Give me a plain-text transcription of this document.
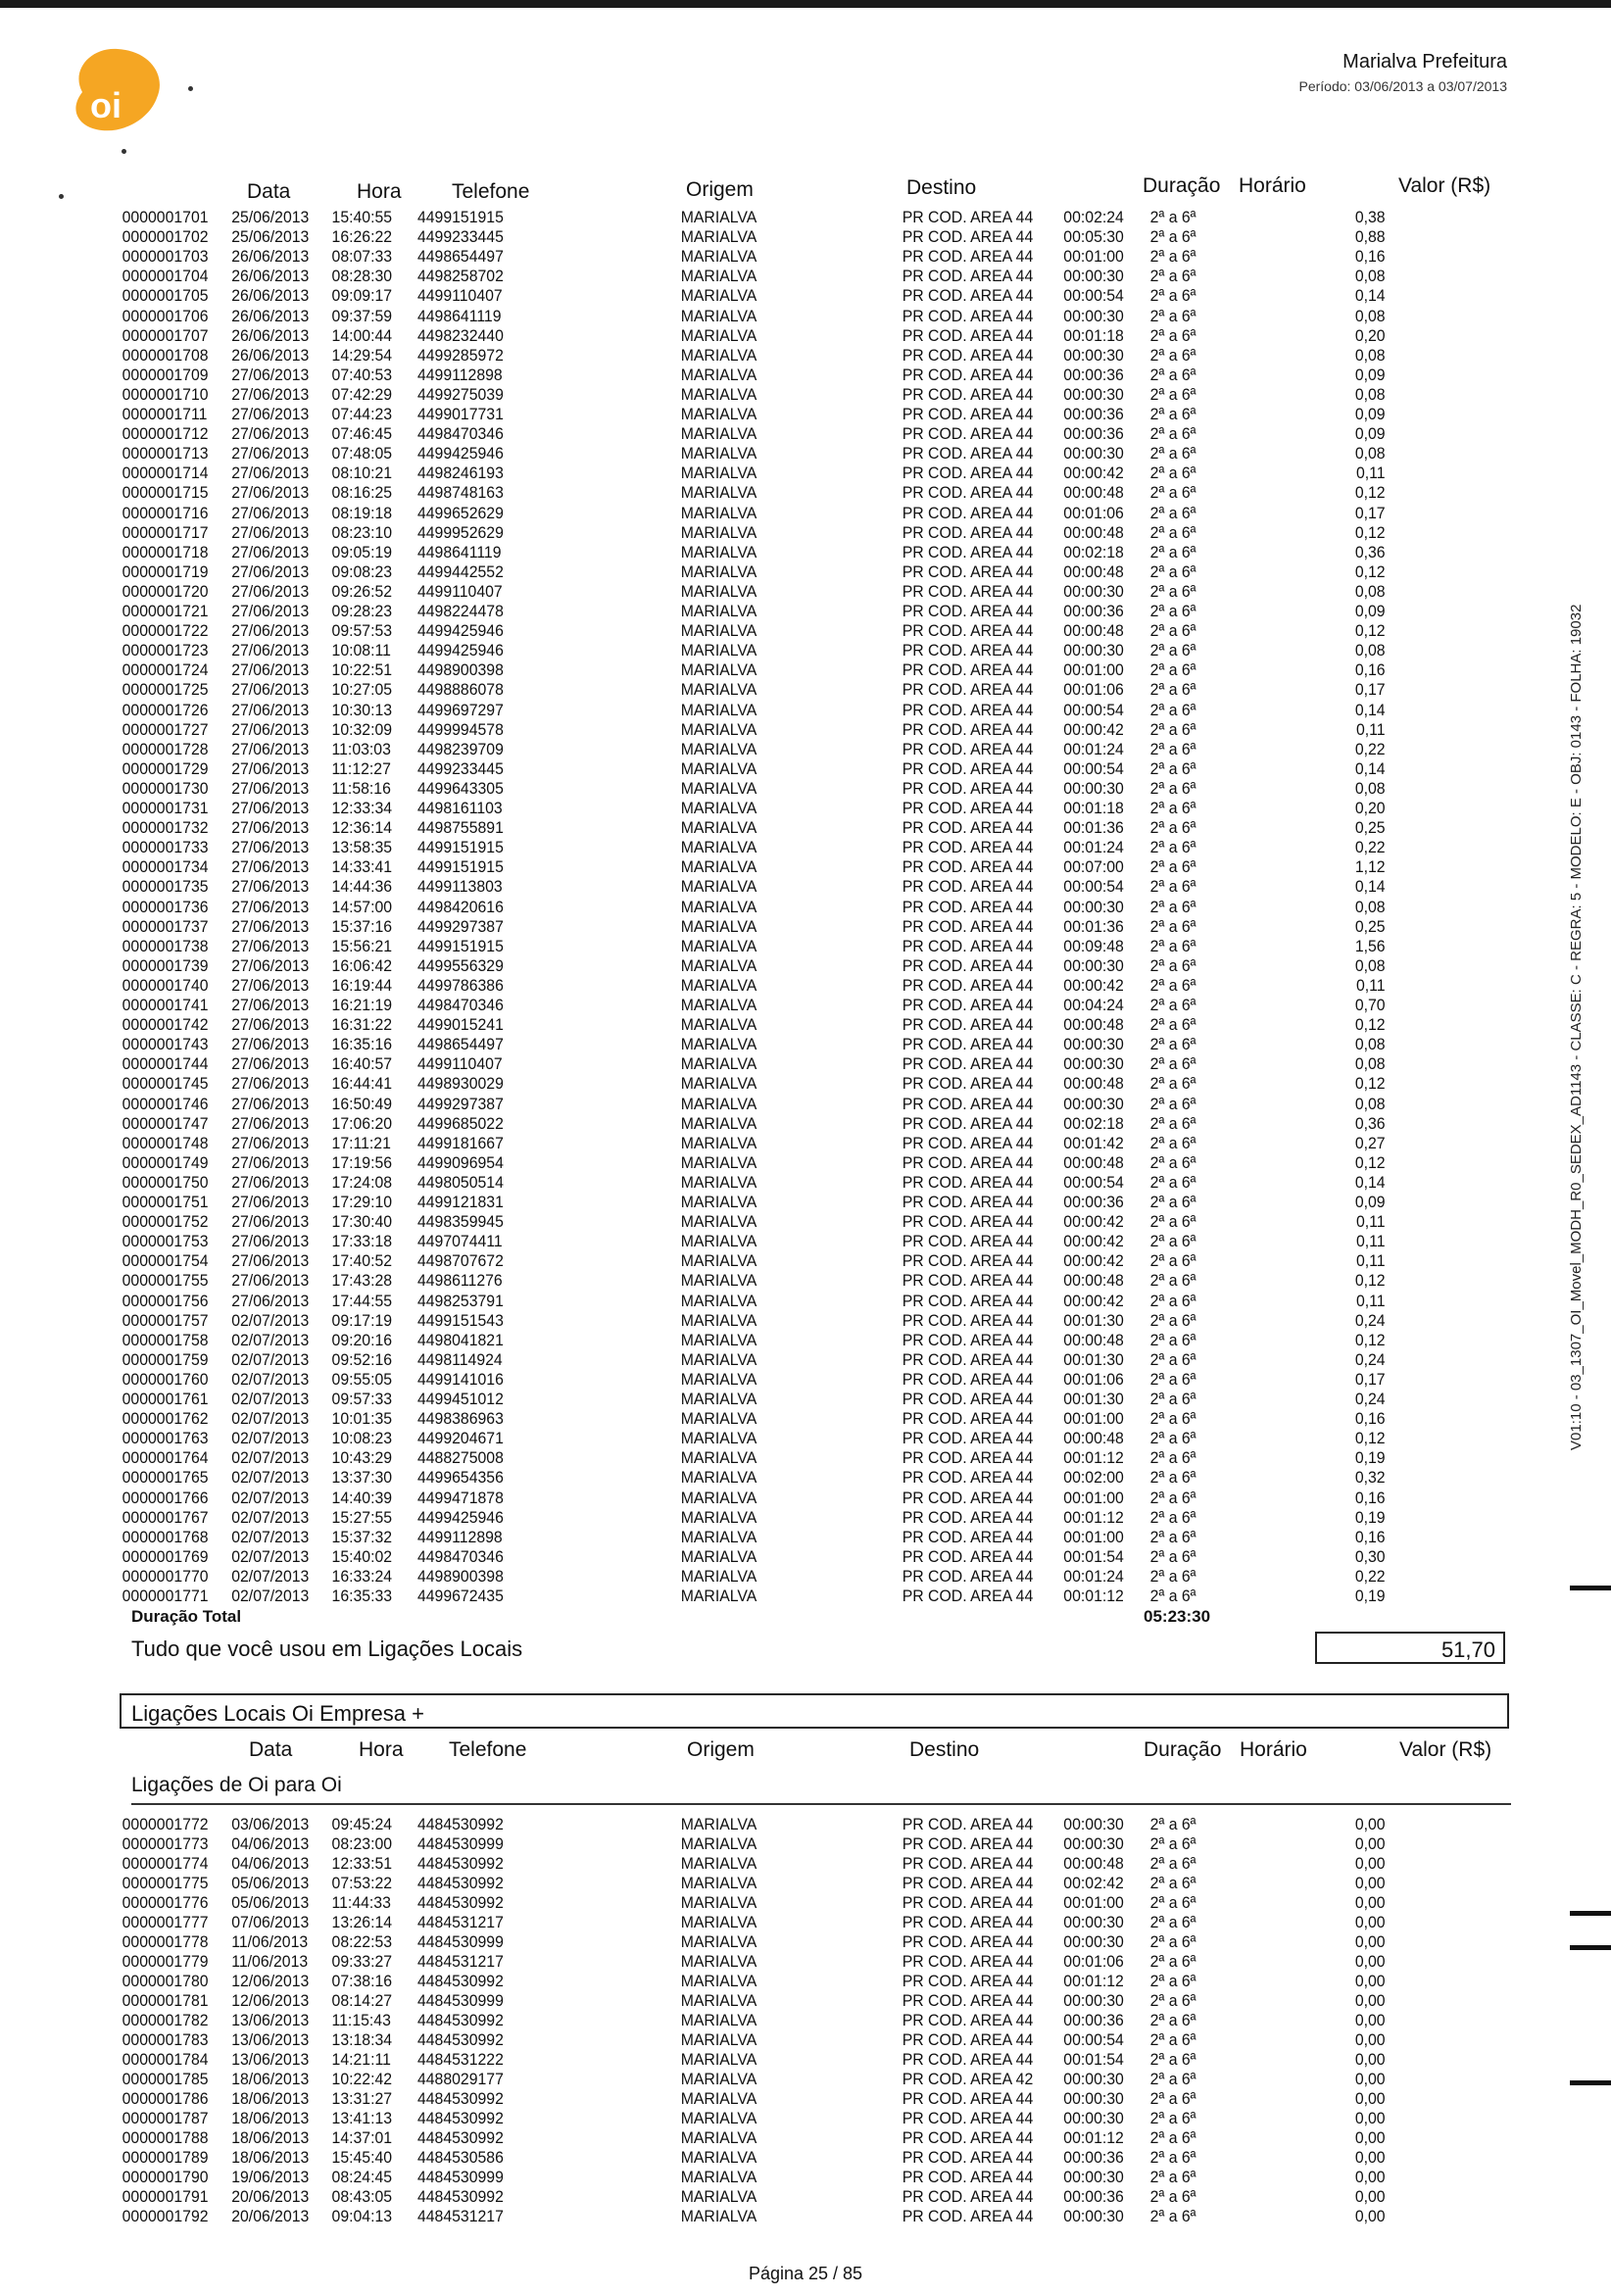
oi
Marialva Prefeitura
Período: 03/06/2013 a 03/07/2013
V01:10 - 03_1307_OI_Movel_MODH_R0_SEDEX_AD1143 - CLASSE: C - REGRA: 5 - MODELO: E - OBJ: 0143 - FOLHA: 19032
Data	Hora Telefone	Origem	Destino	Duração Horário	Valor (R$)
0000001701 25/06/2013 15:40:55 4499151915	MARIALVA	PR COD. AREA 44 00:02:24 2ª a 6ª	0,38
0000001702 25/06/2013 16:26:22 4499233445	MARIALVA	PR COD. AREA 44 00:05:30 2ª a 6ª	0,88
0000001703 26/06/2013 08:07:33 4498654497	MARIALVA	PR COD. AREA 44 00:01:00 2ª a 6ª	0,16
0000001704 26/06/2013 08:28:30 4498258702	MARIALVA	PR COD. AREA 44 00:00:30 2ª a 6ª	0,08
0000001705 26/06/2013 09:09:17 4499110407	MARIALVA	PR COD. AREA 44 00:00:54 2ª a 6ª	0,14
0000001706 26/06/2013 09:37:59 4498641119	MARIALVA	PR COD. AREA 44 00:00:30 2ª a 6ª	0,08
0000001707 26/06/2013 14:00:44 4498232440	MARIALVA	PR COD. AREA 44 00:01:18 2ª a 6ª	0,20
0000001708 26/06/2013 14:29:54 4499285972	MARIALVA	PR COD. AREA 44 00:00:30 2ª a 6ª	0,08
0000001709 27/06/2013 07:40:53 4499112898	MARIALVA	PR COD. AREA 44 00:00:36 2ª a 6ª	0,09
0000001710 27/06/2013 07:42:29 4499275039	MARIALVA	PR COD. AREA 44 00:00:30 2ª a 6ª	0,08
0000001711 27/06/2013 07:44:23 4499017731	MARIALVA	PR COD. AREA 44 00:00:36 2ª a 6ª	0,09
0000001712 27/06/2013 07:46:45 4498470346	MARIALVA	PR COD. AREA 44 00:00:36 2ª a 6ª	0,09
0000001713 27/06/2013 07:48:05 4499425946	MARIALVA	PR COD. AREA 44 00:00:30 2ª a 6ª	0,08
0000001714 27/06/2013 08:10:21 4498246193	MARIALVA	PR COD. AREA 44 00:00:42 2ª a 6ª	0,11
0000001715 27/06/2013 08:16:25 4498748163	MARIALVA	PR COD. AREA 44 00:00:48 2ª a 6ª	0,12
0000001716 27/06/2013 08:19:18 4499652629	MARIALVA	PR COD. AREA 44 00:01:06 2ª a 6ª	0,17
0000001717 27/06/2013 08:23:10 4499952629	MARIALVA	PR COD. AREA 44 00:00:48 2ª a 6ª	0,12
0000001718 27/06/2013 09:05:19 4498641119	MARIALVA	PR COD. AREA 44 00:02:18 2ª a 6ª	0,36
0000001719 27/06/2013 09:08:23 4499442552	MARIALVA	PR COD. AREA 44 00:00:48 2ª a 6ª	0,12
0000001720 27/06/2013 09:26:52 4499110407	MARIALVA	PR COD. AREA 44 00:00:30 2ª a 6ª	0,08
0000001721 27/06/2013 09:28:23 4498224478	MARIALVA	PR COD. AREA 44 00:00:36 2ª a 6ª	0,09
0000001722 27/06/2013 09:57:53 4499425946	MARIALVA	PR COD. AREA 44 00:00:48 2ª a 6ª	0,12
0000001723 27/06/2013 10:08:11 4499425946	MARIALVA	PR COD. AREA 44 00:00:30 2ª a 6ª	0,08
0000001724 27/06/2013 10:22:51 4498900398	MARIALVA	PR COD. AREA 44 00:01:00 2ª a 6ª	0,16
0000001725 27/06/2013 10:27:05 4498886078	MARIALVA	PR COD. AREA 44 00:01:06 2ª a 6ª	0,17
0000001726 27/06/2013 10:30:13 4499697297	MARIALVA	PR COD. AREA 44 00:00:54 2ª a 6ª	0,14
0000001727 27/06/2013 10:32:09 4499994578	MARIALVA	PR COD. AREA 44 00:00:42 2ª a 6ª	0,11
0000001728 27/06/2013 11:03:03 4498239709	MARIALVA	PR COD. AREA 44 00:01:24 2ª a 6ª	0,22
0000001729 27/06/2013 11:12:27 4499233445	MARIALVA	PR COD. AREA 44 00:00:54 2ª a 6ª	0,14
0000001730 27/06/2013 11:58:16 4499643305	MARIALVA	PR COD. AREA 44 00:00:30 2ª a 6ª	0,08
0000001731 27/06/2013 12:33:34 4498161103	MARIALVA	PR COD. AREA 44 00:01:18 2ª a 6ª	0,20
0000001732 27/06/2013 12:36:14 4498755891	MARIALVA	PR COD. AREA 44 00:01:36 2ª a 6ª	0,25
0000001733 27/06/2013 13:58:35 4499151915	MARIALVA	PR COD. AREA 44 00:01:24 2ª a 6ª	0,22
0000001734 27/06/2013 14:33:41 4499151915	MARIALVA	PR COD. AREA 44 00:07:00 2ª a 6ª	1,12
0000001735 27/06/2013 14:44:36 4499113803	MARIALVA	PR COD. AREA 44 00:00:54 2ª a 6ª	0,14
0000001736 27/06/2013 14:57:00 4498420616	MARIALVA	PR COD. AREA 44 00:00:30 2ª a 6ª	0,08
0000001737 27/06/2013 15:37:16 4499297387	MARIALVA	PR COD. AREA 44 00:01:36 2ª a 6ª	0,25
0000001738 27/06/2013 15:56:21 4499151915	MARIALVA	PR COD. AREA 44 00:09:48 2ª a 6ª	1,56
0000001739 27/06/2013 16:06:42 4499556329	MARIALVA	PR COD. AREA 44 00:00:30 2ª a 6ª	0,08
0000001740 27/06/2013 16:19:44 4499786386	MARIALVA	PR COD. AREA 44 00:00:42 2ª a 6ª	0,11
0000001741 27/06/2013 16:21:19 4498470346	MARIALVA	PR COD. AREA 44 00:04:24 2ª a 6ª	0,70
0000001742 27/06/2013 16:31:22 4499015241	MARIALVA	PR COD. AREA 44 00:00:48 2ª a 6ª	0,12
0000001743 27/06/2013 16:35:16 4498654497	MARIALVA	PR COD. AREA 44 00:00:30 2ª a 6ª	0,08
0000001744 27/06/2013 16:40:57 4499110407	MARIALVA	PR COD. AREA 44 00:00:30 2ª a 6ª	0,08
0000001745 27/06/2013 16:44:41 4498930029	MARIALVA	PR COD. AREA 44 00:00:48 2ª a 6ª	0,12
0000001746 27/06/2013 16:50:49 4499297387	MARIALVA	PR COD. AREA 44 00:00:30 2ª a 6ª	0,08
0000001747 27/06/2013 17:06:20 4499685022	MARIALVA	PR COD. AREA 44 00:02:18 2ª a 6ª	0,36
0000001748 27/06/2013 17:11:21 4499181667	MARIALVA	PR COD. AREA 44 00:01:42 2ª a 6ª	0,27
0000001749 27/06/2013 17:19:56 4499096954	MARIALVA	PR COD. AREA 44 00:00:48 2ª a 6ª	0,12
0000001750 27/06/2013 17:24:08 4498050514	MARIALVA	PR COD. AREA 44 00:00:54 2ª a 6ª	0,14
0000001751 27/06/2013 17:29:10 4499121831	MARIALVA	PR COD. AREA 44 00:00:36 2ª a 6ª	0,09
0000001752 27/06/2013 17:30:40 4498359945	MARIALVA	PR COD. AREA 44 00:00:42 2ª a 6ª	0,11
0000001753 27/06/2013 17:33:18 4497074411	MARIALVA	PR COD. AREA 44 00:00:42 2ª a 6ª	0,11
0000001754 27/06/2013 17:40:52 4498707672	MARIALVA	PR COD. AREA 44 00:00:42 2ª a 6ª	0,11
0000001755 27/06/2013 17:43:28 4498611276	MARIALVA	PR COD. AREA 44 00:00:48 2ª a 6ª	0,12
0000001756 27/06/2013 17:44:55 4498253791	MARIALVA	PR COD. AREA 44 00:00:42 2ª a 6ª	0,11
0000001757 02/07/2013 09:17:19 4499151543	MARIALVA	PR COD. AREA 44 00:01:30 2ª a 6ª	0,24
0000001758 02/07/2013 09:20:16 4498041821	MARIALVA	PR COD. AREA 44 00:00:48 2ª a 6ª	0,12
0000001759 02/07/2013 09:52:16 4498114924	MARIALVA	PR COD. AREA 44 00:01:30 2ª a 6ª	0,24
0000001760 02/07/2013 09:55:05 4499141016	MARIALVA	PR COD. AREA 44 00:01:06 2ª a 6ª	0,17
0000001761 02/07/2013 09:57:33 4499451012	MARIALVA	PR COD. AREA 44 00:01:30 2ª a 6ª	0,24
0000001762 02/07/2013 10:01:35 4498386963	MARIALVA	PR COD. AREA 44 00:01:00 2ª a 6ª	0,16
0000001763 02/07/2013 10:08:23 4499204671	MARIALVA	PR COD. AREA 44 00:00:48 2ª a 6ª	0,12
0000001764 02/07/2013 10:43:29 4488275008	MARIALVA	PR COD. AREA 44 00:01:12 2ª a 6ª	0,19
0000001765 02/07/2013 13:37:30 4499654356	MARIALVA	PR COD. AREA 44 00:02:00 2ª a 6ª	0,32
0000001766 02/07/2013 14:40:39 4499471878	MARIALVA	PR COD. AREA 44 00:01:00 2ª a 6ª	0,16
0000001767 02/07/2013 15:27:55 4499425946	MARIALVA	PR COD. AREA 44 00:01:12 2ª a 6ª	0,19
0000001768 02/07/2013 15:37:32 4499112898	MARIALVA	PR COD. AREA 44 00:01:00 2ª a 6ª	0,16
0000001769 02/07/2013 15:40:02 4498470346	MARIALVA	PR COD. AREA 44 00:01:54 2ª a 6ª	0,30
0000001770 02/07/2013 16:33:24 4498900398	MARIALVA	PR COD. AREA 44 00:01:24 2ª a 6ª	0,22
0000001771 02/07/2013 16:35:33 4499672435	MARIALVA	PR COD. AREA 44 00:01:12 2ª a 6ª	0,19
Duração Total	05:23:30
Tudo que você usou em Ligações Locais	51,70
Ligações Locais Oi Empresa +
Data	Hora Telefone	Origem	Destino	Duração Horário	Valor (R$)
Ligações de Oi para Oi
0000001772 03/06/2013 09:45:24 4484530992	MARIALVA	PR COD. AREA 44 00:00:30 2ª a 6ª	0,00
0000001773 04/06/2013 08:23:00 4484530999	MARIALVA	PR COD. AREA 44 00:00:30 2ª a 6ª	0,00
0000001774 04/06/2013 12:33:51 4484530992	MARIALVA	PR COD. AREA 44 00:00:48 2ª a 6ª	0,00
0000001775 05/06/2013 07:53:22 4484530992	MARIALVA	PR COD. AREA 44 00:02:42 2ª a 6ª	0,00
0000001776 05/06/2013 11:44:33 4484530992	MARIALVA	PR COD. AREA 44 00:01:00 2ª a 6ª	0,00
0000001777 07/06/2013 13:26:14 4484531217	MARIALVA	PR COD. AREA 44 00:00:30 2ª a 6ª	0,00
0000001778 11/06/2013 08:22:53 4484530999	MARIALVA	PR COD. AREA 44 00:00:30 2ª a 6ª	0,00
0000001779 11/06/2013 09:33:27 4484531217	MARIALVA	PR COD. AREA 44 00:01:06 2ª a 6ª	0,00
0000001780 12/06/2013 07:38:16 4484530992	MARIALVA	PR COD. AREA 44 00:01:12 2ª a 6ª	0,00
0000001781 12/06/2013 08:14:27 4484530999	MARIALVA	PR COD. AREA 44 00:00:30 2ª a 6ª	0,00
0000001782 13/06/2013 11:15:43 4484530992	MARIALVA	PR COD. AREA 44 00:00:36 2ª a 6ª	0,00
0000001783 13/06/2013 13:18:34 4484530992	MARIALVA	PR COD. AREA 44 00:00:54 2ª a 6ª	0,00
0000001784 13/06/2013 14:21:11 4484531222	MARIALVA	PR COD. AREA 44 00:01:54 2ª a 6ª	0,00
0000001785 18/06/2013 10:22:42 4488029177	MARIALVA	PR COD. AREA 42 00:00:30 2ª a 6ª	0,00
0000001786 18/06/2013 13:31:27 4484530992	MARIALVA	PR COD. AREA 44 00:00:30 2ª a 6ª	0,00
0000001787 18/06/2013 13:41:13 4484530992	MARIALVA	PR COD. AREA 44 00:00:30 2ª a 6ª	0,00
0000001788 18/06/2013 14:37:01 4484530992	MARIALVA	PR COD. AREA 44 00:01:12 2ª a 6ª	0,00
0000001789 18/06/2013 15:45:40 4484530586	MARIALVA	PR COD. AREA 44 00:00:36 2ª a 6ª	0,00
0000001790 19/06/2013 08:24:45 4484530999	MARIALVA	PR COD. AREA 44 00:00:30 2ª a 6ª	0,00
0000001791 20/06/2013 08:43:05 4484530992	MARIALVA	PR COD. AREA 44 00:00:36 2ª a 6ª	0,00
0000001792 20/06/2013 09:04:13 4484531217	MARIALVA	PR COD. AREA 44 00:00:30 2ª a 6ª	0,00
Página 25 / 85
